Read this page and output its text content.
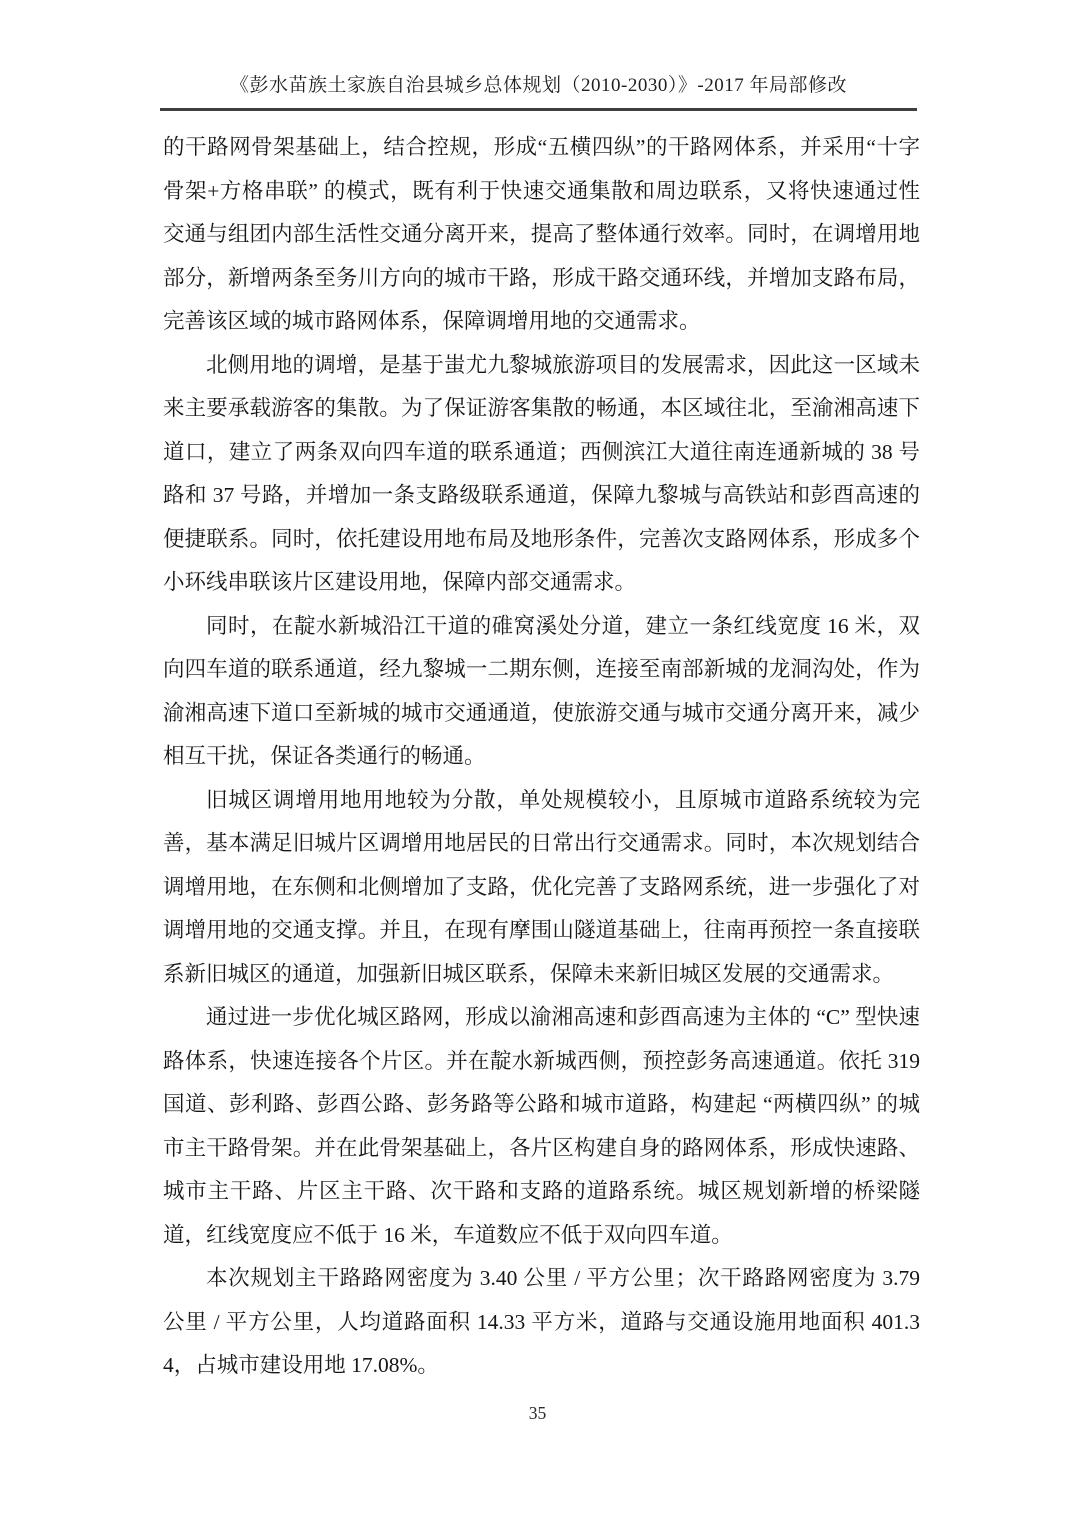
《彭水苗族土家族自治县城乡总体规划（2010-2030）》-2017 年局部修改

的干路网骨架基础上，结合控规，形成“五横四纵”的干路网体系，并采用“十字骨架+方格串联” 的模式，既有利于快速交通集散和周边联系，又将快速通过性交通与组团内部生活性交通分离开来，提高了整体通行效率。同时，在调增用地部分，新增两条至务川方向的城市干路，形成干路交通环线，并增加支路布局，完善该区域的城市路网体系，保障调增用地的交通需求。

北侧用地的调增，是基于蚩尤九黎城旅游项目的发展需求，因此这一区域未来主要承载游客的集散。为了保证游客集散的畅通，本区域往北，至渝湘高速下道口，建立了两条双向四车道的联系通道；西侧滨江大道往南连通新城的 38 号路和 37 号路，并增加一条支路级联系通道，保障九黎城与高铁站和彭酉高速的便捷联系。同时，依托建设用地布局及地形条件，完善次支路网体系，形成多个小环线串联该片区建设用地，保障内部交通需求。

同时，在靛水新城沿江干道的碓窝溪处分道，建立一条红线宽度 16 米，双向四车道的联系通道，经九黎城一二期东侧，连接至南部新城的龙洞沟处，作为渝湘高速下道口至新城的城市交通通道，使旅游交通与城市交通分离开来，减少相互干扰，保证各类通行的畅通。

旧城区调增用地用地较为分散，单处规模较小，且原城市道路系统较为完善，基本满足旧城片区调增用地居民的日常出行交通需求。同时，本次规划结合调增用地，在东侧和北侧增加了支路，优化完善了支路网系统，进一步强化了对调增用地的交通支撑。并且，在现有摩围山隧道基础上，往南再预控一条直接联系新旧城区的通道，加强新旧城区联系，保障未来新旧城区发展的交通需求。

通过进一步优化城区路网，形成以渝湘高速和彭酉高速为主体的 “C” 型快速路体系，快速连接各个片区。并在靛水新城西侧，预控彭务高速通道。依托 319 国道、彭利路、彭酉公路、彭务路等公路和城市道路，构建起 “两横四纵” 的城市主干路骨架。并在此骨架基础上，各片区构建自身的路网体系，形成快速路、城市主干路、片区主干路、次干路和支路的道路系统。城区规划新增的桥梁隧道，红线宽度应不低于 16 米，车道数应不低于双向四车道。

本次规划主干路路网密度为 3.40 公里 / 平方公里；次干路路网密度为 3.79 公里 / 平方公里，人均道路面积 14.33 平方米，道路与交通设施用地面积 401.34，占城市建设用地 17.08%。

35
